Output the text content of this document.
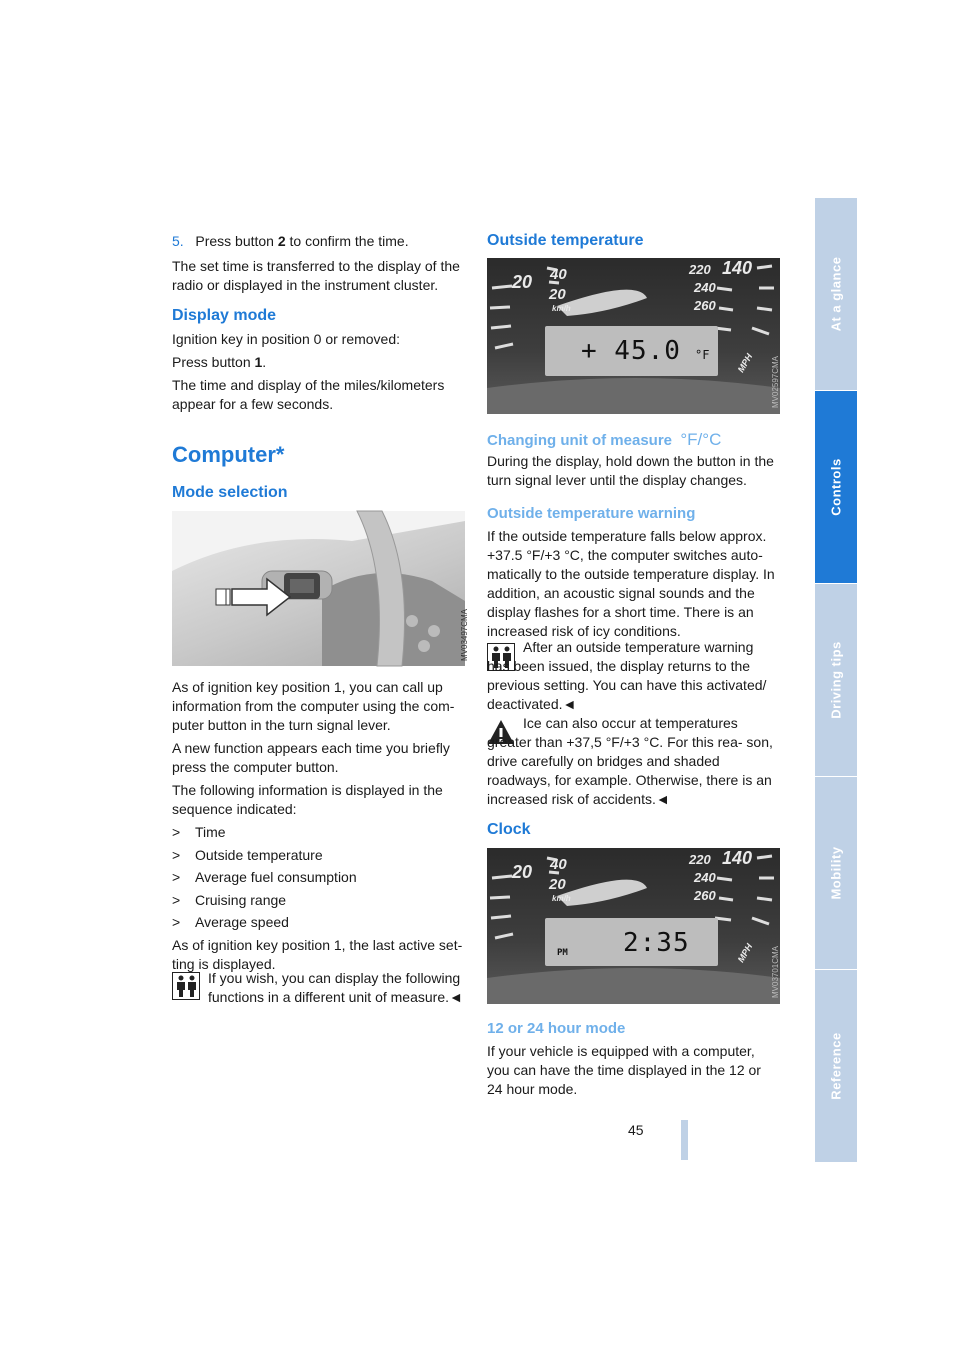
5. Press button 2 to confirm the time.

The set time is transferred to the display of the radio or displayed in the instrument cluster.

Display mode

Ignition key in position 0 or removed:

Press button 1.

The time and display of the miles/kilometers appear for a few seconds.

Computer*
Mode selection
MV03497CMA

As of ignition key position 1, you can call up information from the computer using the com- puter button in the turn signal lever.

A new function appears each time you briefly press the computer button.

The following information is displayed in the sequence indicated:

>	Time
>	Outside temperature
>	Average fuel consumption
>	Cruising range
>	Average speed

As of ignition key position 1, the last active set- ting is displayed.

If you wish, you can display the following functions in a different unit of measure.◄
Outside temperature
20 40
20
km/h
220 140
240
260
MPH
+ 45.0 °F
MV02597CMA
Changing unit of measure °F/°C

During the display, hold down the button in the turn signal lever until the display changes.

Outside temperature warning

If the outside temperature falls below approx. +37.5 °F/+3 °C, the computer switches auto- matically to the outside temperature display. In addition, an acoustic signal sounds and the display flashes for a short time. There is an increased risk of icy conditions.

After an outside temperature warning has been issued, the display returns to the previous setting. You can have this activated/ deactivated.◄

Ice can also occur at temperatures greater than +37,5 °F/+3 °C. For this rea- son, drive carefully on bridges and shaded roadways, for example. Otherwise, there is an increased risk of accidents.◄

Clock
20 40
20
km/h
220 140
240
260
MPH
PM 2:35
MV03701CMA
12 or 24 hour mode

If your vehicle is equipped with a computer, you can have the time displayed in the 12 or 24 hour mode.

45
At a glance
Controls
Driving tips
Mobility
Reference
